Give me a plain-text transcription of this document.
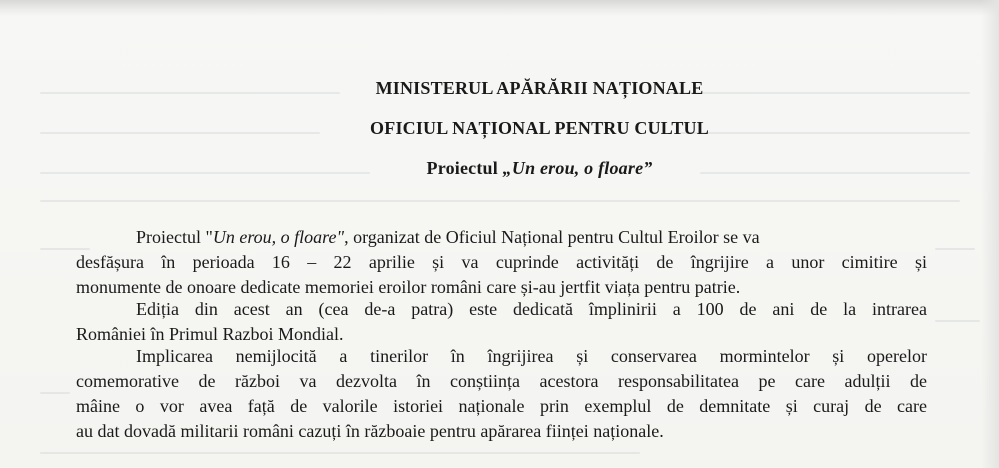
MINISTERUL APĂRĂRII NAȚIONALE
OFICIUL NAȚIONAL PENTRU CULTUL
Proiectul „Un erou, o floare”
Proiectul "Un erou, o floare", organizat de Oficiul Național pentru Cultul Eroilor se va
desfășura în perioada 16 – 22 aprilie și va cuprinde activități de îngrijire a unor cimitire și
monumente de onoare dedicate memoriei eroilor români care și-au jertfit viața pentru patrie.
Ediția din acest an (cea de-a patra) este dedicată împlinirii a 100 de ani de la intrarea
României în Primul Razboi Mondial.
Implicarea nemijlocită a tinerilor în îngrijirea și conservarea mormintelor și operelor
comemorative de război va dezvolta în conștiința acestora responsabilitatea pe care adulții de
mâine o vor avea față de valorile istoriei naționale prin exemplul de demnitate și curaj de care
au dat dovadă militarii români cazuți în războaie pentru apărarea ființei naționale.
